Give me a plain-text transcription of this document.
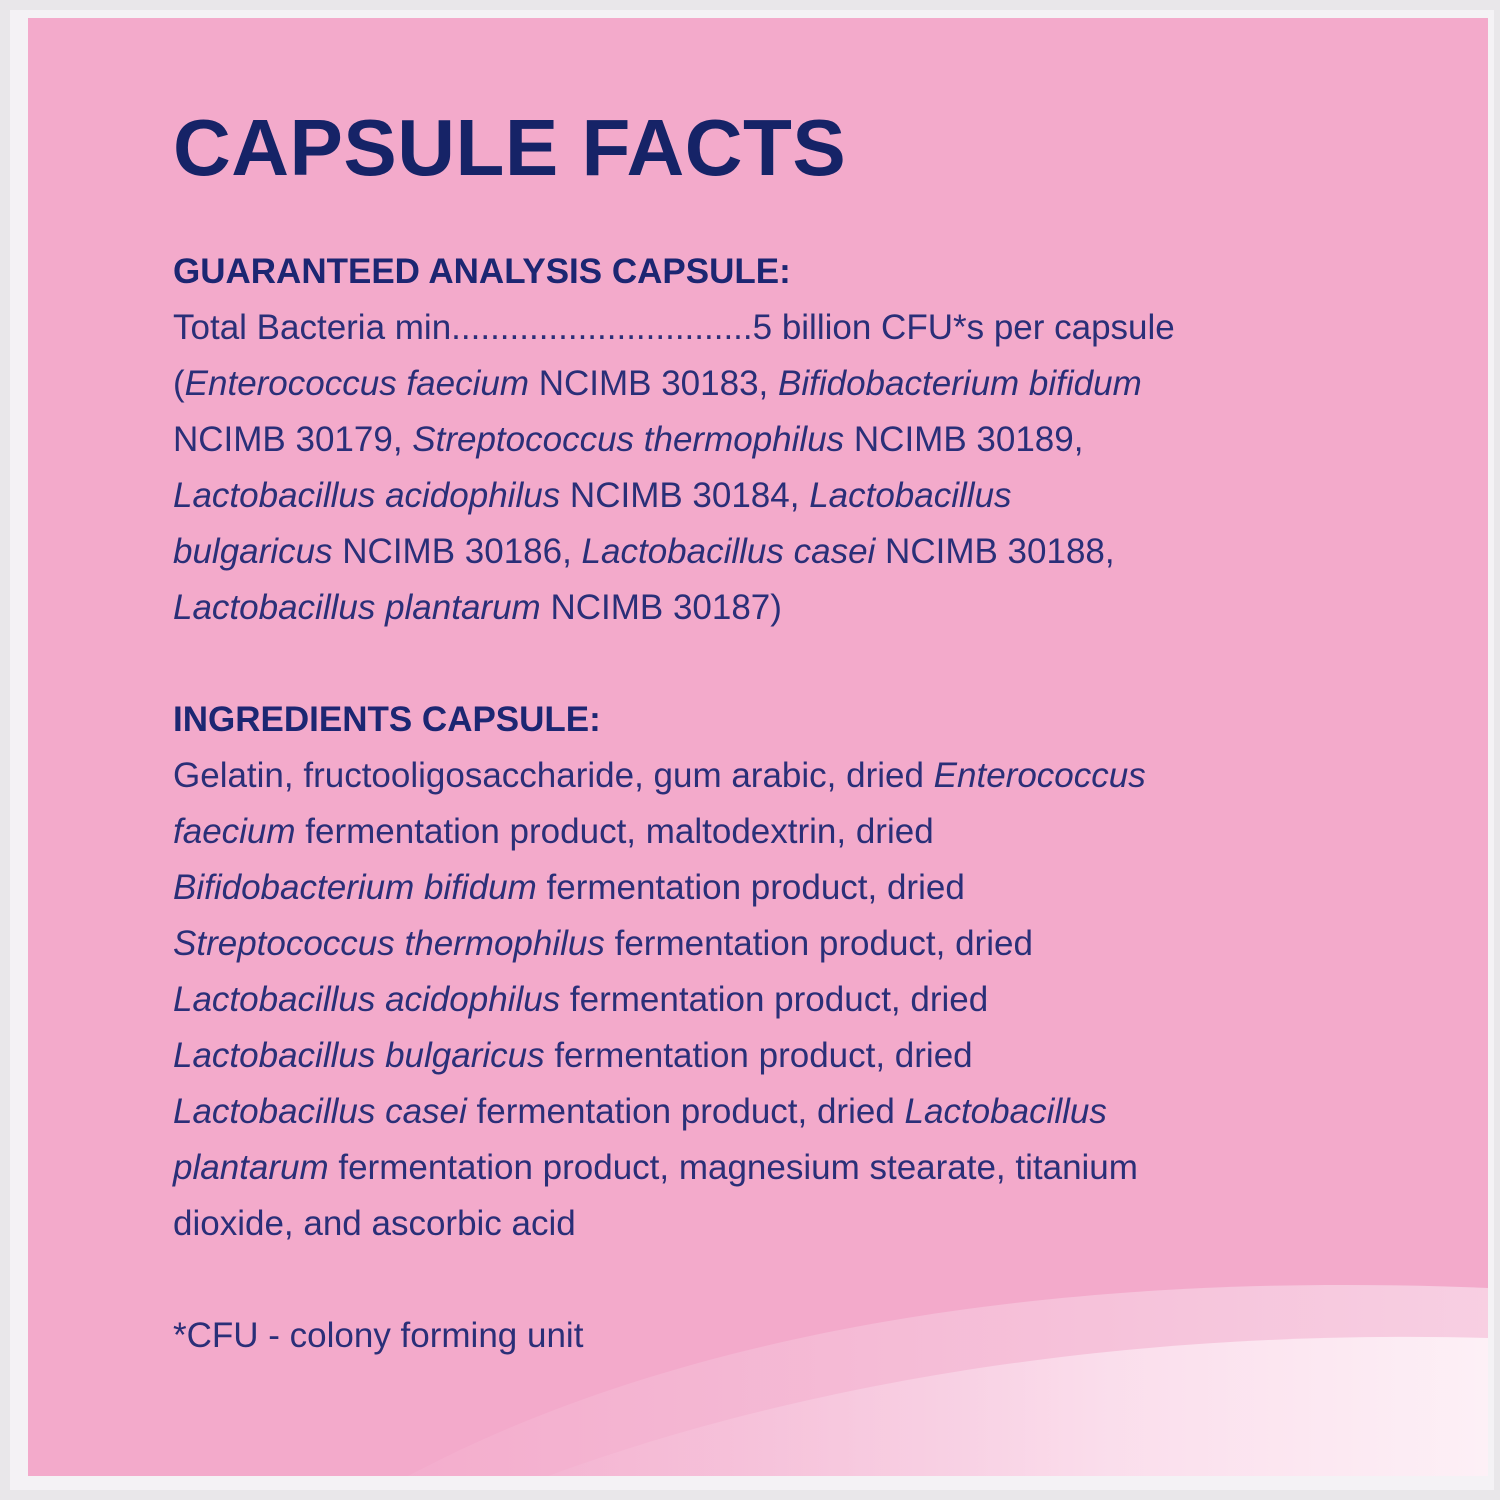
CAPSULE FACTS

GUARANTEED ANALYSIS CAPSULE:

Total Bacteria min...............................5 billion CFU*s per capsule

(Enterococcus faecium NCIMB 30183, Bifidobacterium bifidum

NCIMB 30179, Streptococcus thermophilus NCIMB 30189,

Lactobacillus acidophilus NCIMB 30184, Lactobacillus

bulgaricus NCIMB 30186, Lactobacillus casei NCIMB 30188,

Lactobacillus plantarum NCIMB 30187)

INGREDIENTS CAPSULE:

Gelatin, fructooligosaccharide, gum arabic, dried Enterococcus

faecium fermentation product, maltodextrin, dried

Bifidobacterium bifidum fermentation product, dried

Streptococcus thermophilus fermentation product, dried

Lactobacillus acidophilus fermentation product, dried

Lactobacillus bulgaricus fermentation product, dried

Lactobacillus casei fermentation product, dried Lactobacillus

plantarum fermentation product, magnesium stearate, titanium

dioxide, and ascorbic acid

*CFU - colony forming unit
